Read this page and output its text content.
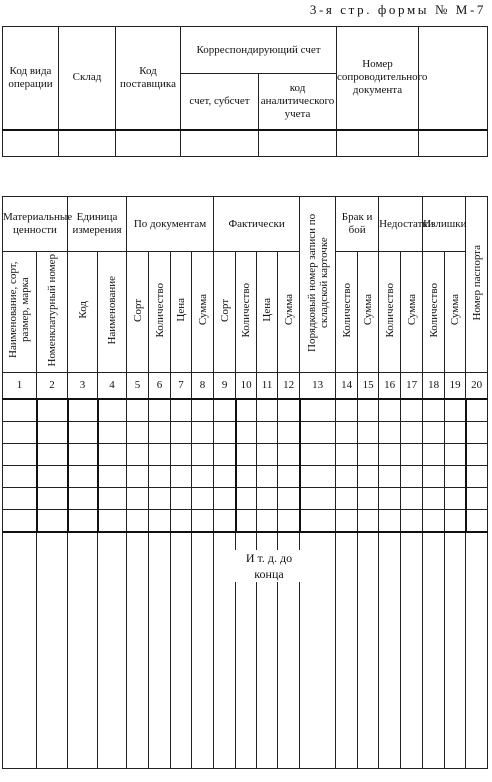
3-я стр. формы № М-7
Код вида операции	Склад	Код поставщика	Корреспондирующий счет		Номер сопроводительного документа	
			счет, субсчет	код аналитического учета		

Материальные ценности		Единица измерения		По документам				Фактически				Порядковый номер записи по складской карточке	Брак и бой		Недостатки		Излишки		Номер паспорта
Наименование, сорт, размер, марка	Номенклатурный номер	Код	Наименование	Сорт	Количество	Цена	Сумма	Сорт	Количество	Цена	Сумма		Количество	Сумма	Количество	Сумма	Количество	Сумма	
1	2	3	4	5	6	7	8	9	10	11	12	13	14	15	16	17	18	19	20

И т. д. до конца
